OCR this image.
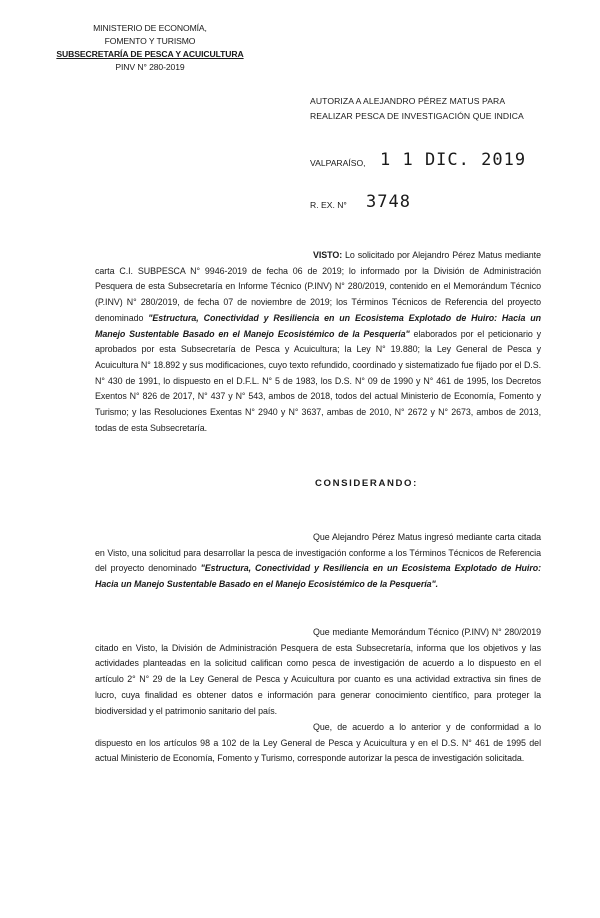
MINISTERIO DE ECONOMÍA,
FOMENTO Y TURISMO
SUBSECRETARÍA DE PESCA Y ACUICULTURA
PINV N° 280-2019
AUTORIZA A ALEJANDRO PÉREZ MATUS PARA REALIZAR PESCA DE INVESTIGACIÓN QUE INDICA
VALPARAÍSO, 1 1 DIC. 2019
R. EX. N° 3748
VISTO: Lo solicitado por Alejandro Pérez Matus mediante carta C.I. SUBPESCA N° 9946-2019 de fecha 06 de 2019; lo informado por la División de Administración Pesquera de esta Subsecretaría en Informe Técnico (P.INV) N° 280/2019, contenido en el Memorándum Técnico (P.INV) N° 280/2019, de fecha 07 de noviembre de 2019; los Términos Técnicos de Referencia del proyecto denominado "Estructura, Conectividad y Resiliencia en un Ecosistema Explotado de Huiro: Hacia un Manejo Sustentable Basado en el Manejo Ecosistémico de la Pesquería" elaborados por el peticionario y aprobados por esta Subsecretaría de Pesca y Acuicultura; la Ley N° 19.880; la Ley General de Pesca y Acuicultura N° 18.892 y sus modificaciones, cuyo texto refundido, coordinado y sistematizado fue fijado por el D.S. N° 430 de 1991, lo dispuesto en el D.F.L. N° 5 de 1983, los D.S. N° 09 de 1990 y N° 461 de 1995, los Decretos Exentos N° 826 de 2017, N° 437 y N° 543, ambos de 2018, todos del actual Ministerio de Economía, Fomento y Turismo; y las Resoluciones Exentas N° 2940 y N° 3637, ambas de 2010, N° 2672 y N° 2673, ambos de 2013, todas de esta Subsecretaría.
CONSIDERANDO:
Que Alejandro Pérez Matus ingresó mediante carta citada en Visto, una solicitud para desarrollar la pesca de investigación conforme a los Términos Técnicos de Referencia del proyecto denominado "Estructura, Conectividad y Resiliencia en un Ecosistema Explotado de Huiro: Hacia un Manejo Sustentable Basado en el Manejo Ecosistémico de la Pesquería".
Que mediante Memorándum Técnico (P.INV) N° 280/2019 citado en Visto, la División de Administración Pesquera de esta Subsecretaría, informa que los objetivos y las actividades planteadas en la solicitud califican como pesca de investigación de acuerdo a lo dispuesto en el artículo 2° N° 29 de la Ley General de Pesca y Acuicultura por cuanto es una actividad extractiva sin fines de lucro, cuya finalidad es obtener datos e información para generar conocimiento científico, para proteger la biodiversidad y el patrimonio sanitario del país.
Que, de acuerdo a lo anterior y de conformidad a lo dispuesto en los artículos 98 a 102 de la Ley General de Pesca y Acuicultura y en el D.S. N° 461 de 1995 del actual Ministerio de Economía, Fomento y Turismo, corresponde autorizar la pesca de investigación solicitada.
